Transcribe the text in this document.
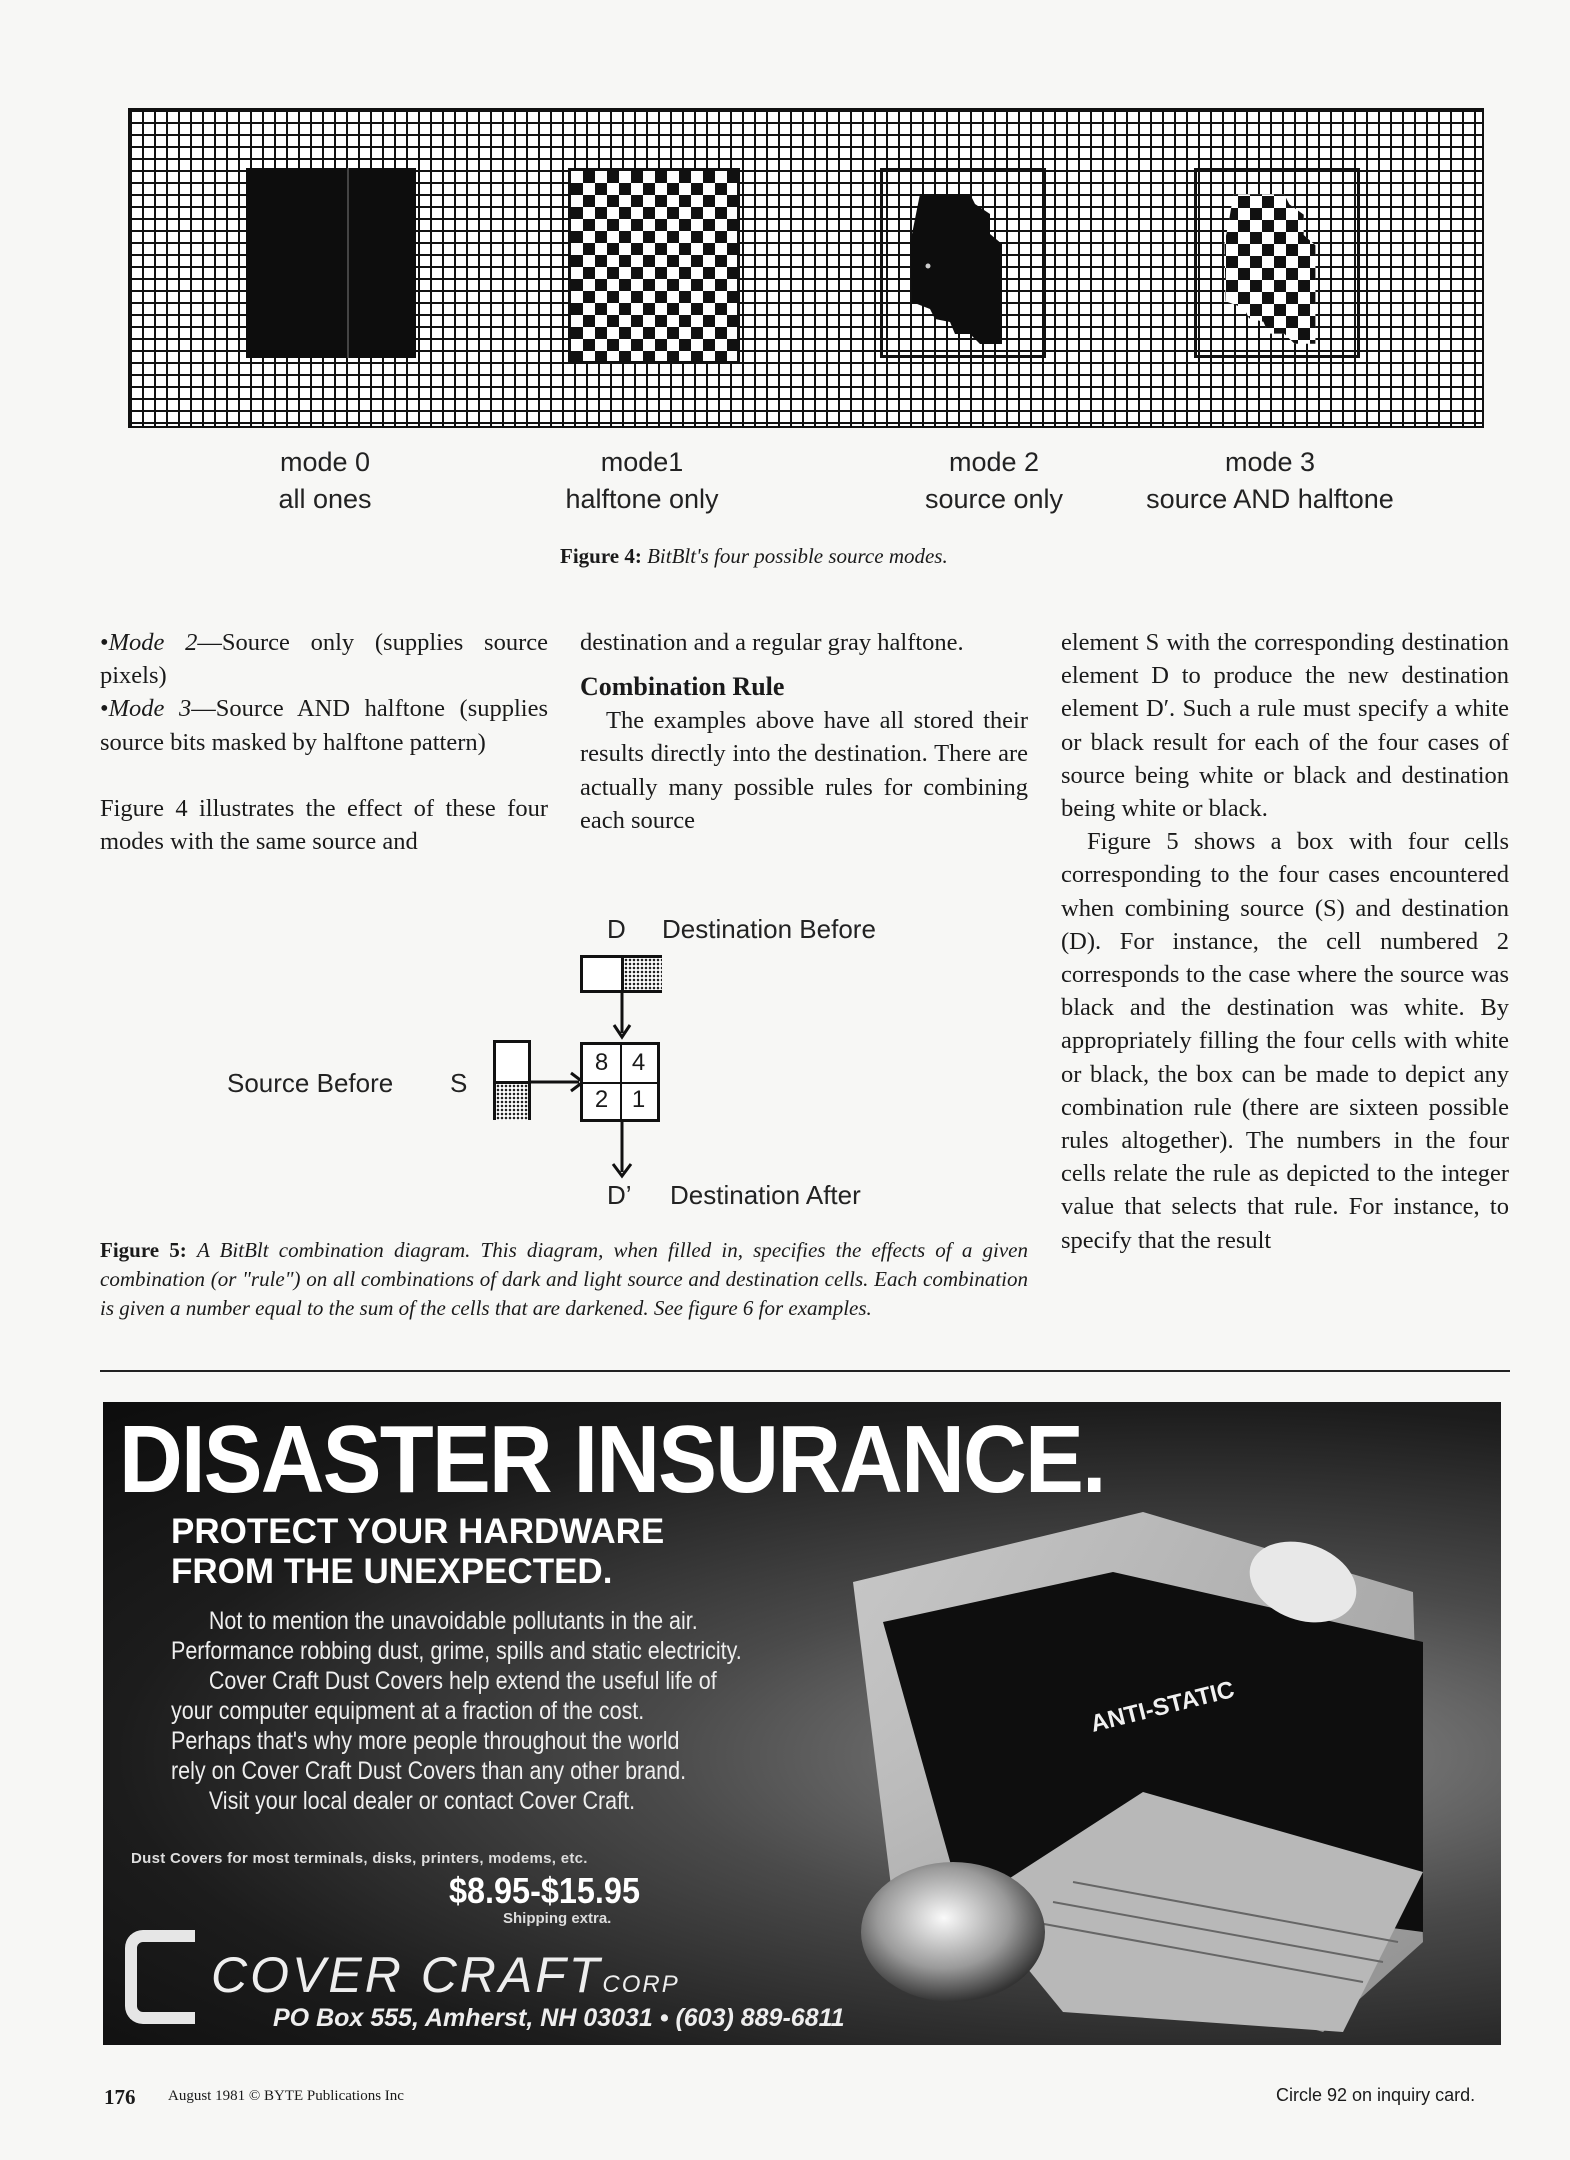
mode 0
all ones
mode1
halftone only
mode 2
source only
mode 3
source AND halftone
Figure 4: BitBlt's four possible source modes.

•Mode 2—Source only (supplies source pixels)

•Mode 3—Source AND halftone (supplies source bits masked by halftone pattern)

Figure 4 illustrates the effect of these four modes with the same source and

destination and a regular gray halftone.

Combination Rule

The examples above have all stored their results directly into the destination. There are actually many possible rules for combining each source

element S with the corresponding destination element D to produce the new destination element D′. Such a rule must specify a white or black result for each of the four cases of source being white or black and destination being white or black.

Figure 5 shows a box with four cells corresponding to the four cases encountered when combining source (S) and destination (D). For instance, the cell numbered 2 corresponds to the case where the source was black and the destination was white. By appropriately filling the four cells with white or black, the box can be made to depict any combination rule (there are sixteen possible rules altogether). The numbers in the four cells relate the rule as depicted to the integer value that selects that rule. For instance, to specify that the result

D Destination Before
Source Before S
8 4
2 1
D’ Destination After
Figure 5: A BitBlt combination diagram. This diagram, when filled in, specifies the effects of a given combination (or "rule") on all combinations of dark and light source and destination cells. Each combination is given a number equal to the sum of the cells that are darkened. See figure 6 for examples.
ANTI-STATIC
DISASTER INSURANCE.
PROTECT YOUR HARDWARE
FROM THE UNEXPECTED.
Not to mention the unavoidable pollutants in the air.
Performance robbing dust, grime, spills and static electricity.
Cover Craft Dust Covers help extend the useful life of
your computer equipment at a fraction of the cost.
Perhaps that's why more people throughout the world
rely on Cover Craft Dust Covers than any other brand.
Visit your local dealer or contact Cover Craft.
Dust Covers for most terminals, disks, printers, modems, etc.
$8.95-$15.95
Shipping extra.
COVER CRAFTCORP
PO Box 555, Amherst, NH 03031 • (603) 889-6811
176 August 1981 © BYTE Publications Inc	Circle 92 on inquiry card.
